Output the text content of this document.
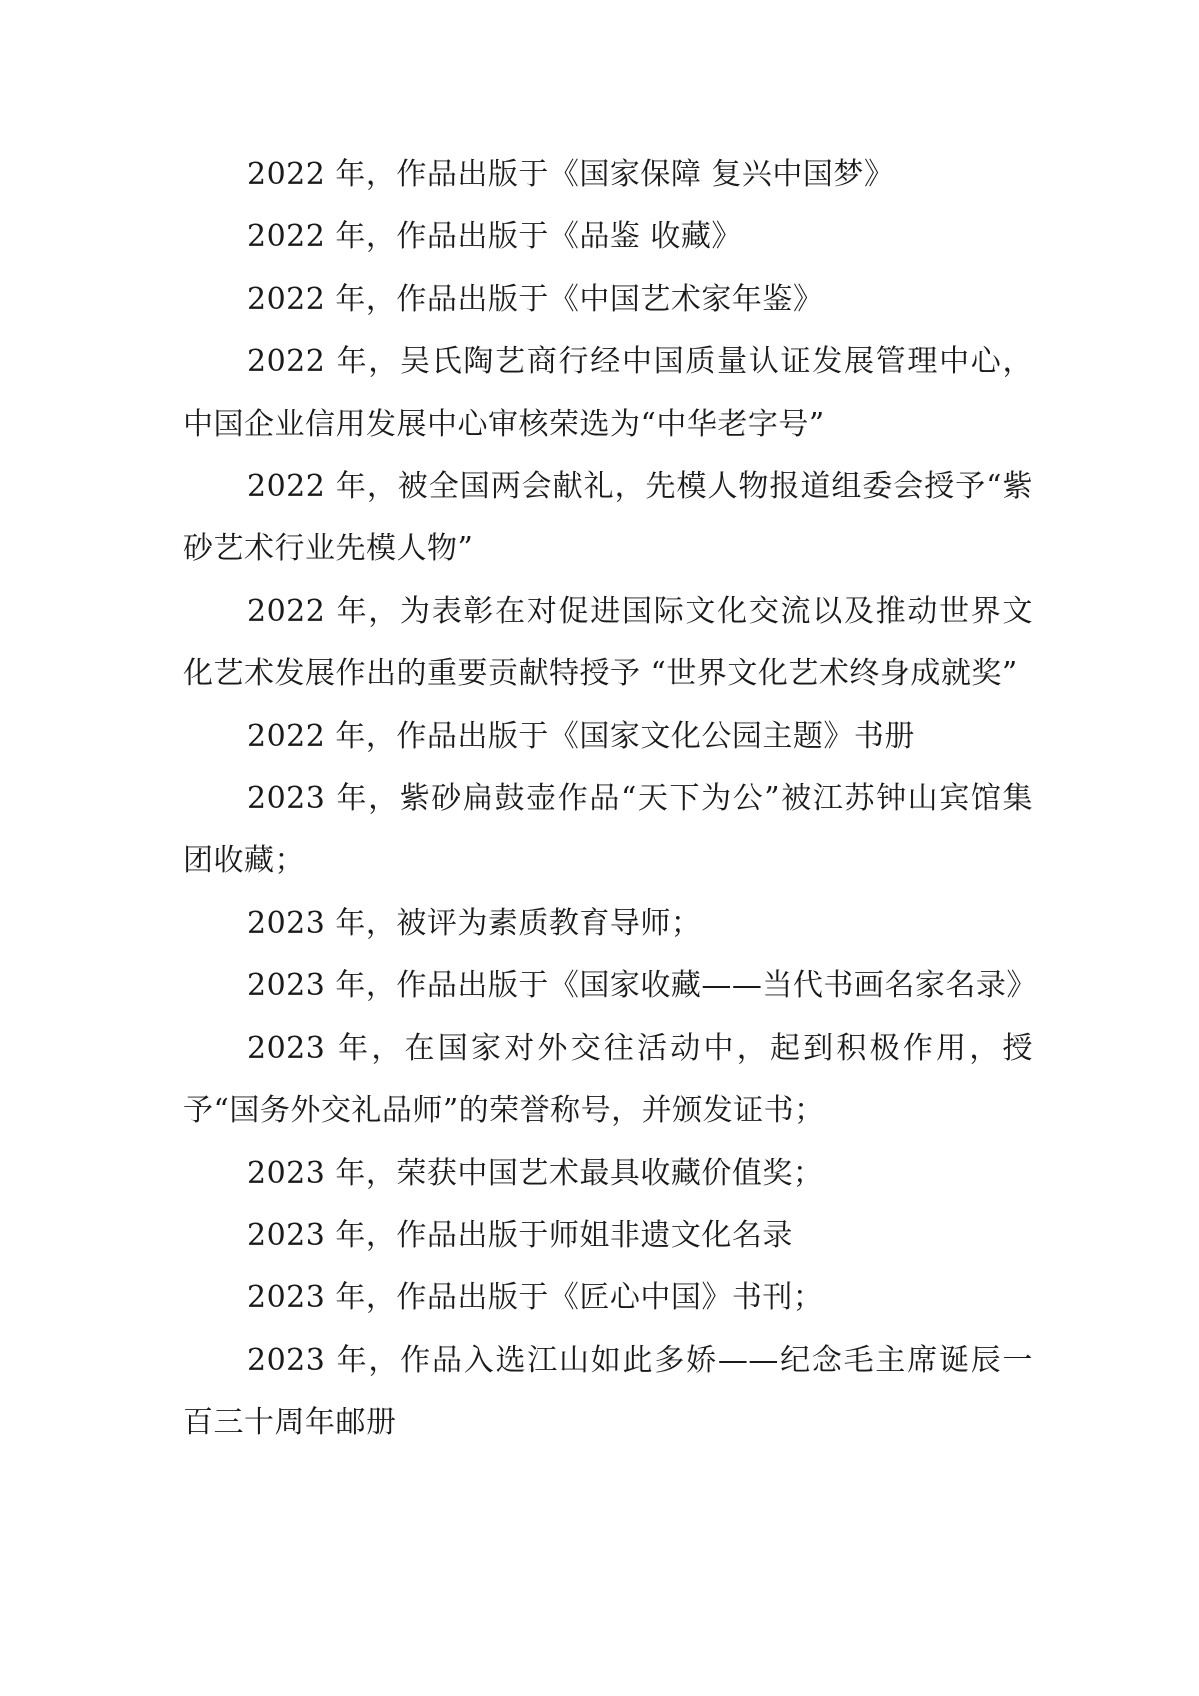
2022 年，作品出版于《国家保障 复兴中国梦》

2022 年，作品出版于《品鉴 收藏》

2022 年，作品出版于《中国艺术家年鉴》

2022 年，吴氏陶艺商行经中国质量认证发展管理中心，中国企业信用发展中心审核荣选为“中华老字号”

2022 年，被全国两会献礼，先模人物报道组委会授予“紫砂艺术行业先模人物”

2022 年，为表彰在对促进国际文化交流以及推动世界文化艺术发展作出的重要贡献特授予 “世界文化艺术终身成就奖”

2022 年，作品出版于《国家文化公园主题》书册

2023 年，紫砂扁鼓壶作品“天下为公”被江苏钟山宾馆集团收藏；

2023 年，被评为素质教育导师；

2023 年，作品出版于《国家收藏——当代书画名家名录》

2023 年，在国家对外交往活动中，起到积极作用，授予“国务外交礼品师”的荣誉称号，并颁发证书；

2023 年，荣获中国艺术最具收藏价值奖；

2023 年，作品出版于师姐非遗文化名录

2023 年，作品出版于《匠心中国》书刊；

2023 年，作品入选江山如此多娇——纪念毛主席诞辰一百三十周年邮册
